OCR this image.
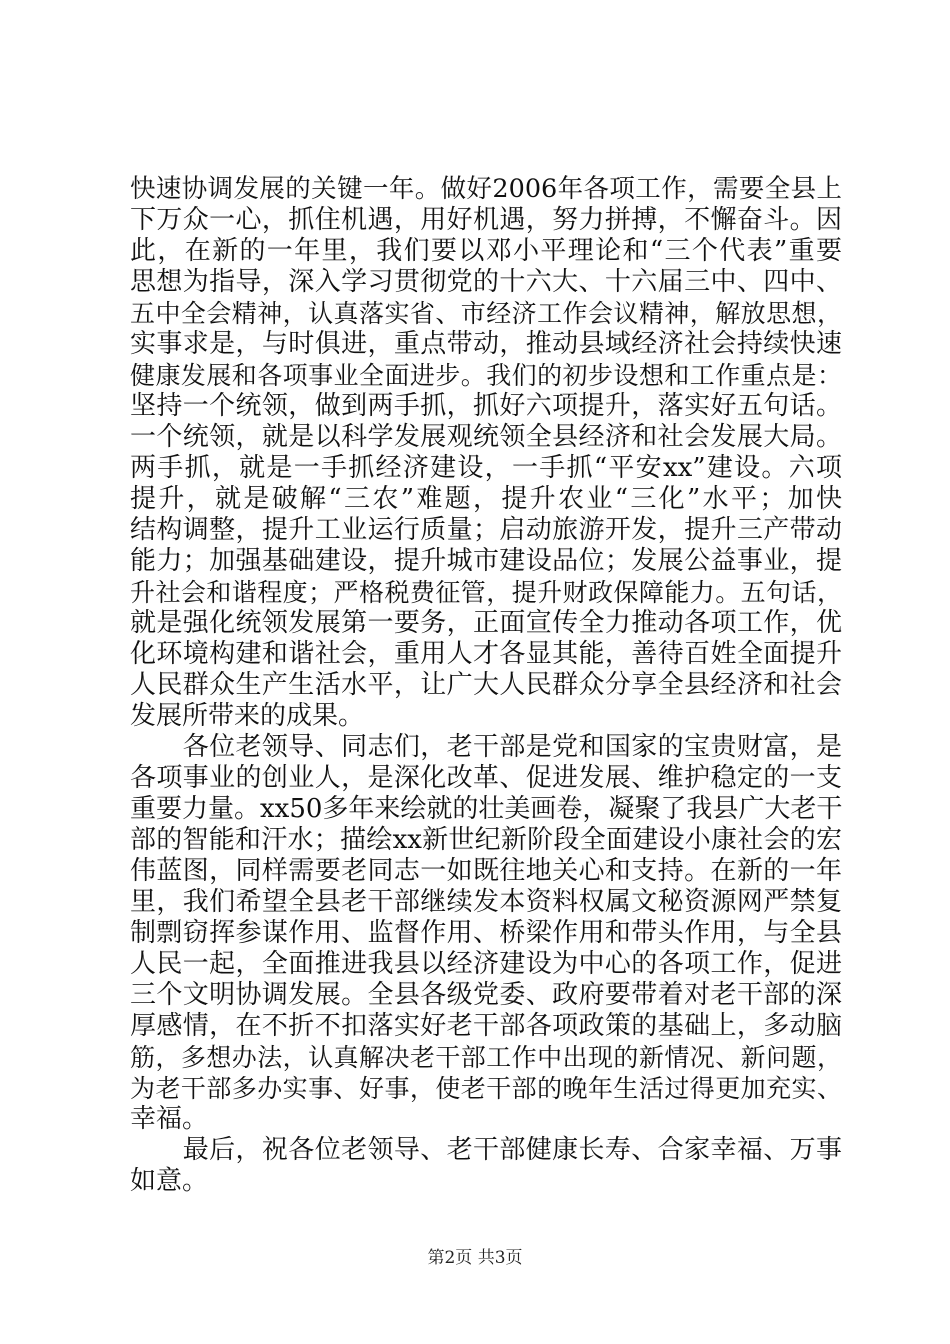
快速协调发展的关键一年。做好2006年各项工作，需要全县上
下万众一心，抓住机遇，用好机遇，努力拼搏，不懈奋斗。因
此，在新的一年里，我们要以邓小平理论和“三个代表”重要
思想为指导，深入学习贯彻党的十六大、十六届三中、四中、
五中全会精神，认真落实省、市经济工作会议精神，解放思想，
实事求是，与时俱进，重点带动，推动县域经济社会持续快速
健康发展和各项事业全面进步。我们的初步设想和工作重点是：
坚持一个统领，做到两手抓，抓好六项提升，落实好五句话。
一个统领，就是以科学发展观统领全县经济和社会发展大局。
两手抓，就是一手抓经济建设，一手抓“平安xx”建设。六项
提升，就是破解“三农”难题，提升农业“三化”水平；加快
结构调整，提升工业运行质量；启动旅游开发，提升三产带动
能力；加强基础建设，提升城市建设品位；发展公益事业，提
升社会和谐程度；严格税费征管，提升财政保障能力。五句话，
就是强化统领发展第一要务，正面宣传全力推动各项工作，优
化环境构建和谐社会，重用人才各显其能，善待百姓全面提升
人民群众生产生活水平，让广大人民群众分享全县经济和社会
发展所带来的成果。
　　各位老领导、同志们，老干部是党和国家的宝贵财富，是
各项事业的创业人，是深化改革、促进发展、维护稳定的一支
重要力量。xx50多年来绘就的壮美画卷，凝聚了我县广大老干
部的智能和汗水；描绘xx新世纪新阶段全面建设小康社会的宏
伟蓝图，同样需要老同志一如既往地关心和支持。在新的一年
里，我们希望全县老干部继续发本资料权属文秘资源网严禁复
制剽窃挥参谋作用、监督作用、桥梁作用和带头作用，与全县
人民一起，全面推进我县以经济建设为中心的各项工作，促进
三个文明协调发展。全县各级党委、政府要带着对老干部的深
厚感情，在不折不扣落实好老干部各项政策的基础上，多动脑
筋，多想办法，认真解决老干部工作中出现的新情况、新问题，
为老干部多办实事、好事，使老干部的晚年生活过得更加充实、
幸福。
　　最后，祝各位老领导、老干部健康长寿、合家幸福、万事
如意。
第2页 共3页
